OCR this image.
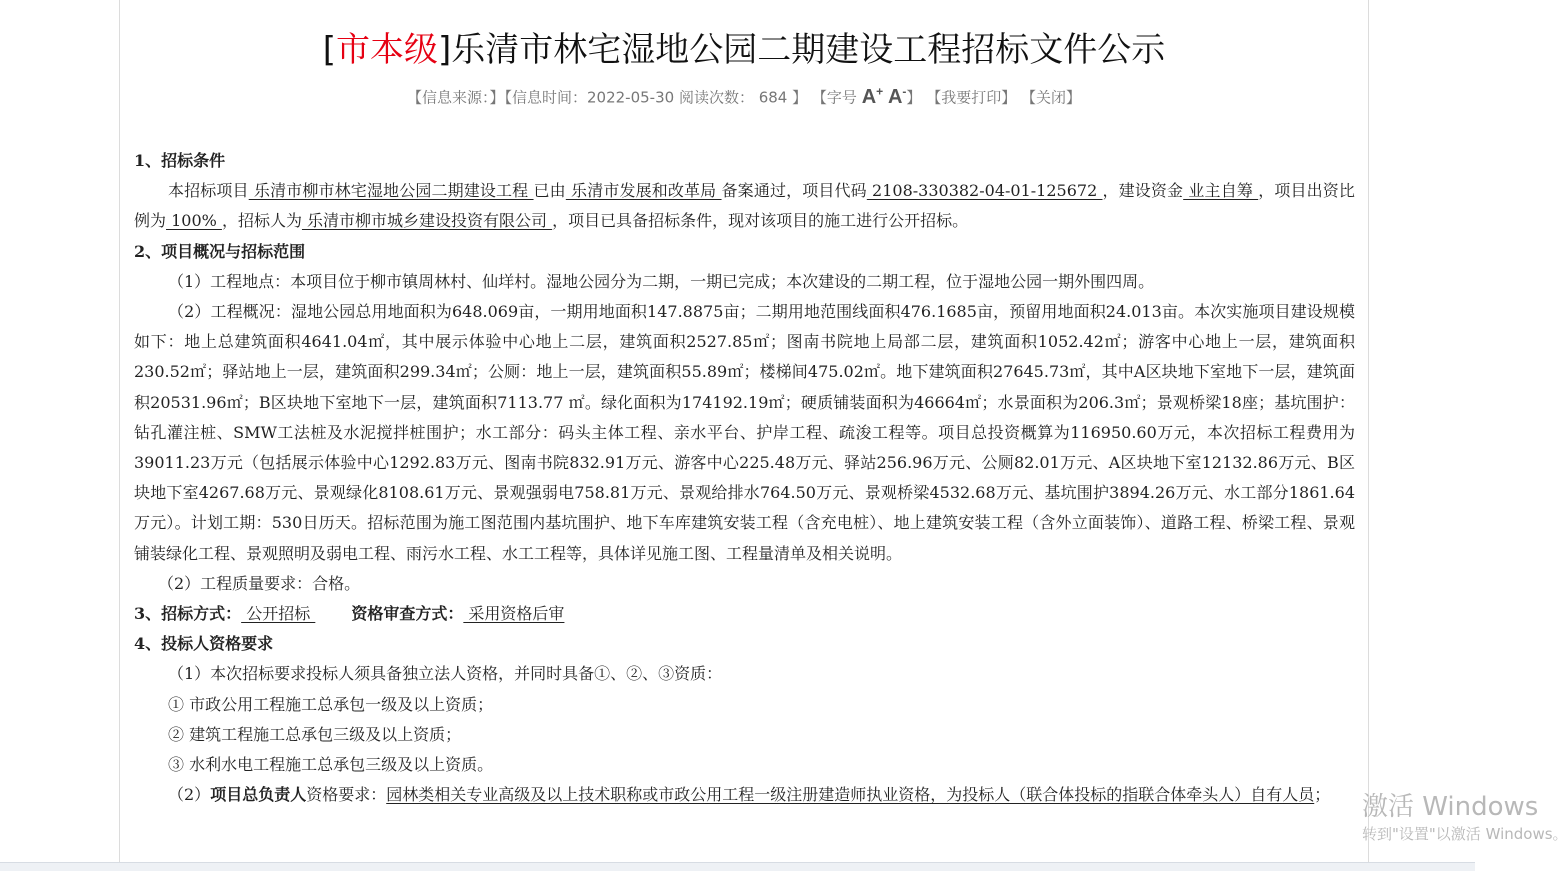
[市本级]乐清市林宅湿地公园二期建设工程招标文件公示
【信息来源：】【信息时间：2022-05-30 阅读次数： 684 】 【字号 A+ A-】 【我要打印】 【关闭】

1、招标条件

本招标项目 乐清市柳市林宅湿地公园二期建设工程 已由 乐清市发展和改革局 备案通过，项目代码 2108-330382-04-01-125672 ，建设资金 业主自筹 ，项目出资比例为 100% ，招标人为 乐清市柳市城乡建设投资有限公司 ，项目已具备招标条件，现对该项目的施工进行公开招标。

2、项目概况与招标范围

（1）工程地点：本项目位于柳市镇周林村、仙垟村。湿地公园分为二期，一期已完成；本次建设的二期工程，位于湿地公园一期外围四周。

（2）工程概况：湿地公园总用地面积为648.069亩，一期用地面积147.8875亩；二期用地范围线面积476.1685亩，预留用地面积24.013亩。本次实施项目建设规模如下：地上总建筑面积4641.04㎡，其中展示体验中心地上二层，建筑面积2527.85㎡；图南书院地上局部二层，建筑面积1052.42㎡；游客中心地上一层，建筑面积230.52㎡；驿站地上一层，建筑面积299.34㎡；公厕：地上一层，建筑面积55.89㎡；楼梯间475.02㎡。地下建筑面积27645.73㎡，其中A区块地下室地下一层，建筑面积20531.96㎡；B区块地下室地下一层，建筑面积7113.77 ㎡。绿化面积为174192.19㎡；硬质铺装面积为46664㎡；水景面积为206.3㎡；景观桥梁18座；基坑围护：钻孔灌注桩、SMW工法桩及水泥搅拌桩围护；水工部分：码头主体工程、亲水平台、护岸工程、疏浚工程等。项目总投资概算为116950.60万元，本次招标工程费用为39011.23万元（包括展示体验中心1292.83万元、图南书院832.91万元、游客中心225.48万元、驿站256.96万元、公厕82.01万元、A区块地下室12132.86万元、B区块地下室4267.68万元、景观绿化8108.61万元、景观强弱电758.81万元、景观给排水764.50万元、景观桥梁4532.68万元、基坑围护3894.26万元、水工部分1861.64万元）。计划工期：530日历天。招标范围为施工图范围内基坑围护、地下车库建筑安装工程（含充电桩）、地上建筑安装工程（含外立面装饰）、道路工程、桥梁工程、景观铺装绿化工程、景观照明及弱电工程、雨污水工程、水工工程等，具体详见施工图、工程量清单及相关说明。

（2）工程质量要求：合格。

3、招标方式： 公开招标 资格审查方式： 采用资格后审

4、投标人资格要求

（1）本次招标要求投标人须具备独立法人资格，并同时具备①、②、③资质：

① 市政公用工程施工总承包一级及以上资质；

② 建筑工程施工总承包三级及以上资质；

③ 水利水电工程施工总承包三级及以上资质。

（2）项目总负责人资格要求：园林类相关专业高级及以上技术职称或市政公用工程一级注册建造师执业资格，为投标人（联合体投标的指联合体牵头人）自有人员；	激活 Windows
转到"设置"以激活 Windows。
